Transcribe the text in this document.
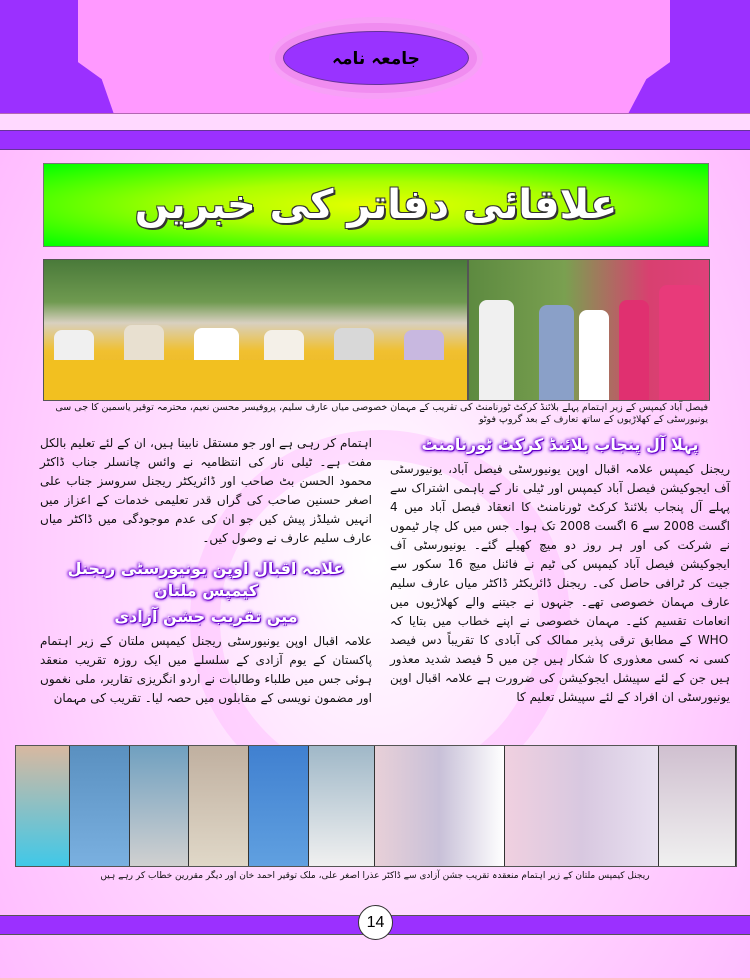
جامعہ نامہ
علاقائی دفاتر کی خبریں
فیصل آباد کیمپس کے زیر اہتمام پہلے بلائنڈ کرکٹ ٹورنامنٹ کی تقریب کے مہمان خصوصی میاں عارف سلیم، پروفیسر محسن نعیم، محترمہ توقیر یاسمین کا جی سی یونیورسٹی کے کھلاڑیوں کے ساتھ تعارف کے بعد گروپ فوٹو
پہلا آل پنجاب بلائنڈ کرکٹ ٹورنامنٹ

ریجنل کیمپس علامہ اقبال اوپن یونیورسٹی فیصل آباد، یونیورسٹی آف ایجوکیشنفیصل آباد کیمپس اور ٹیلی نار کے باہمی اشتراک سے پہلے آل پنجاب بلائنڈ کرکٹٹورنامنٹ کا انعقاد فیصل آباد میں 4 اگست 2008 سے 6 اگست 2008 تک ہوا۔جس میں کل چار ٹیموں نے شرکت کی اور ہر روز دو میچ کھیلے گئے۔یونیورسٹی آف ایجوکیشن فیصل آباد کیمپس کی ٹیم نے فائنل میچ 16 سکور سے جیتکر ٹرافی حاصل کی۔ ریجنل ڈائریکٹر ڈاکٹر میاں عارف سلیم عارف مہمان خصوصی تھے۔جنہوں نے جیتنے والے کھلاڑیوں میں انعامات تقسیم کئے۔ مہمان خصوصی نے اپنےخطاب میں بتایا کہ WHO کے مطابق ترقی پذیر ممالک کی آبادی کا تقریباً دس فیصدکسی نہ کسی معذوری کا شکار ہیں جن میں 5 فیصد شدید معذور ہیں جن کے لئے سپیشلایجوکیشن کی ضرورت ہے علامہ اقبال اوپن یونیورسٹی ان افراد کے لئے سپیشل تعلیم کا

اہتمام کر رہی ہے اور جو مستقل نابینا ہیں، ان کے لئے تعلیم بالکل مفت ہے۔ٹیلی نار کی انتظامیہ نے وائس چانسلر جناب ڈاکٹر محمود الحسن بٹ صاحب اورڈائریکٹر ریجنل سروسز جناب علی اصغر حسنین صاحب کی گراں قدر تعلیمی خدمات کےاعزاز میں انہیں شیلڈز پیش کیں جو ان کی عدم موجودگی میں ڈاکٹر میاں عارف سلیمعارف نے وصول کیں۔

علامہ اقبال اوپن یونیورسٹی ریجنل کیمپس ملتان
میں تقریب جشن آزادی

علامہ اقبال اوپن یونیورسٹی ریجنل کیمپس ملتان کے زیر اہتمام پاکستان کے یومآزادی کے سلسلے میں ایک روزہ تقریب منعقد ہوئی جس میں طلباء وطالبات نے اردوانگریزی تقاریر، ملی نغموں اور مضمون نویسی کے مقابلوں میں حصہ لیا۔ تقریب کی مہمان

ریجنل کیمپس ملتان کے زیر اہتمام منعقدہ تقریب جشن آزادی سے ڈاکٹر عذرا اصغر علی، ملک توقیر احمد خان اور دیگر مقررین خطاب کر رہے ہیں
14
